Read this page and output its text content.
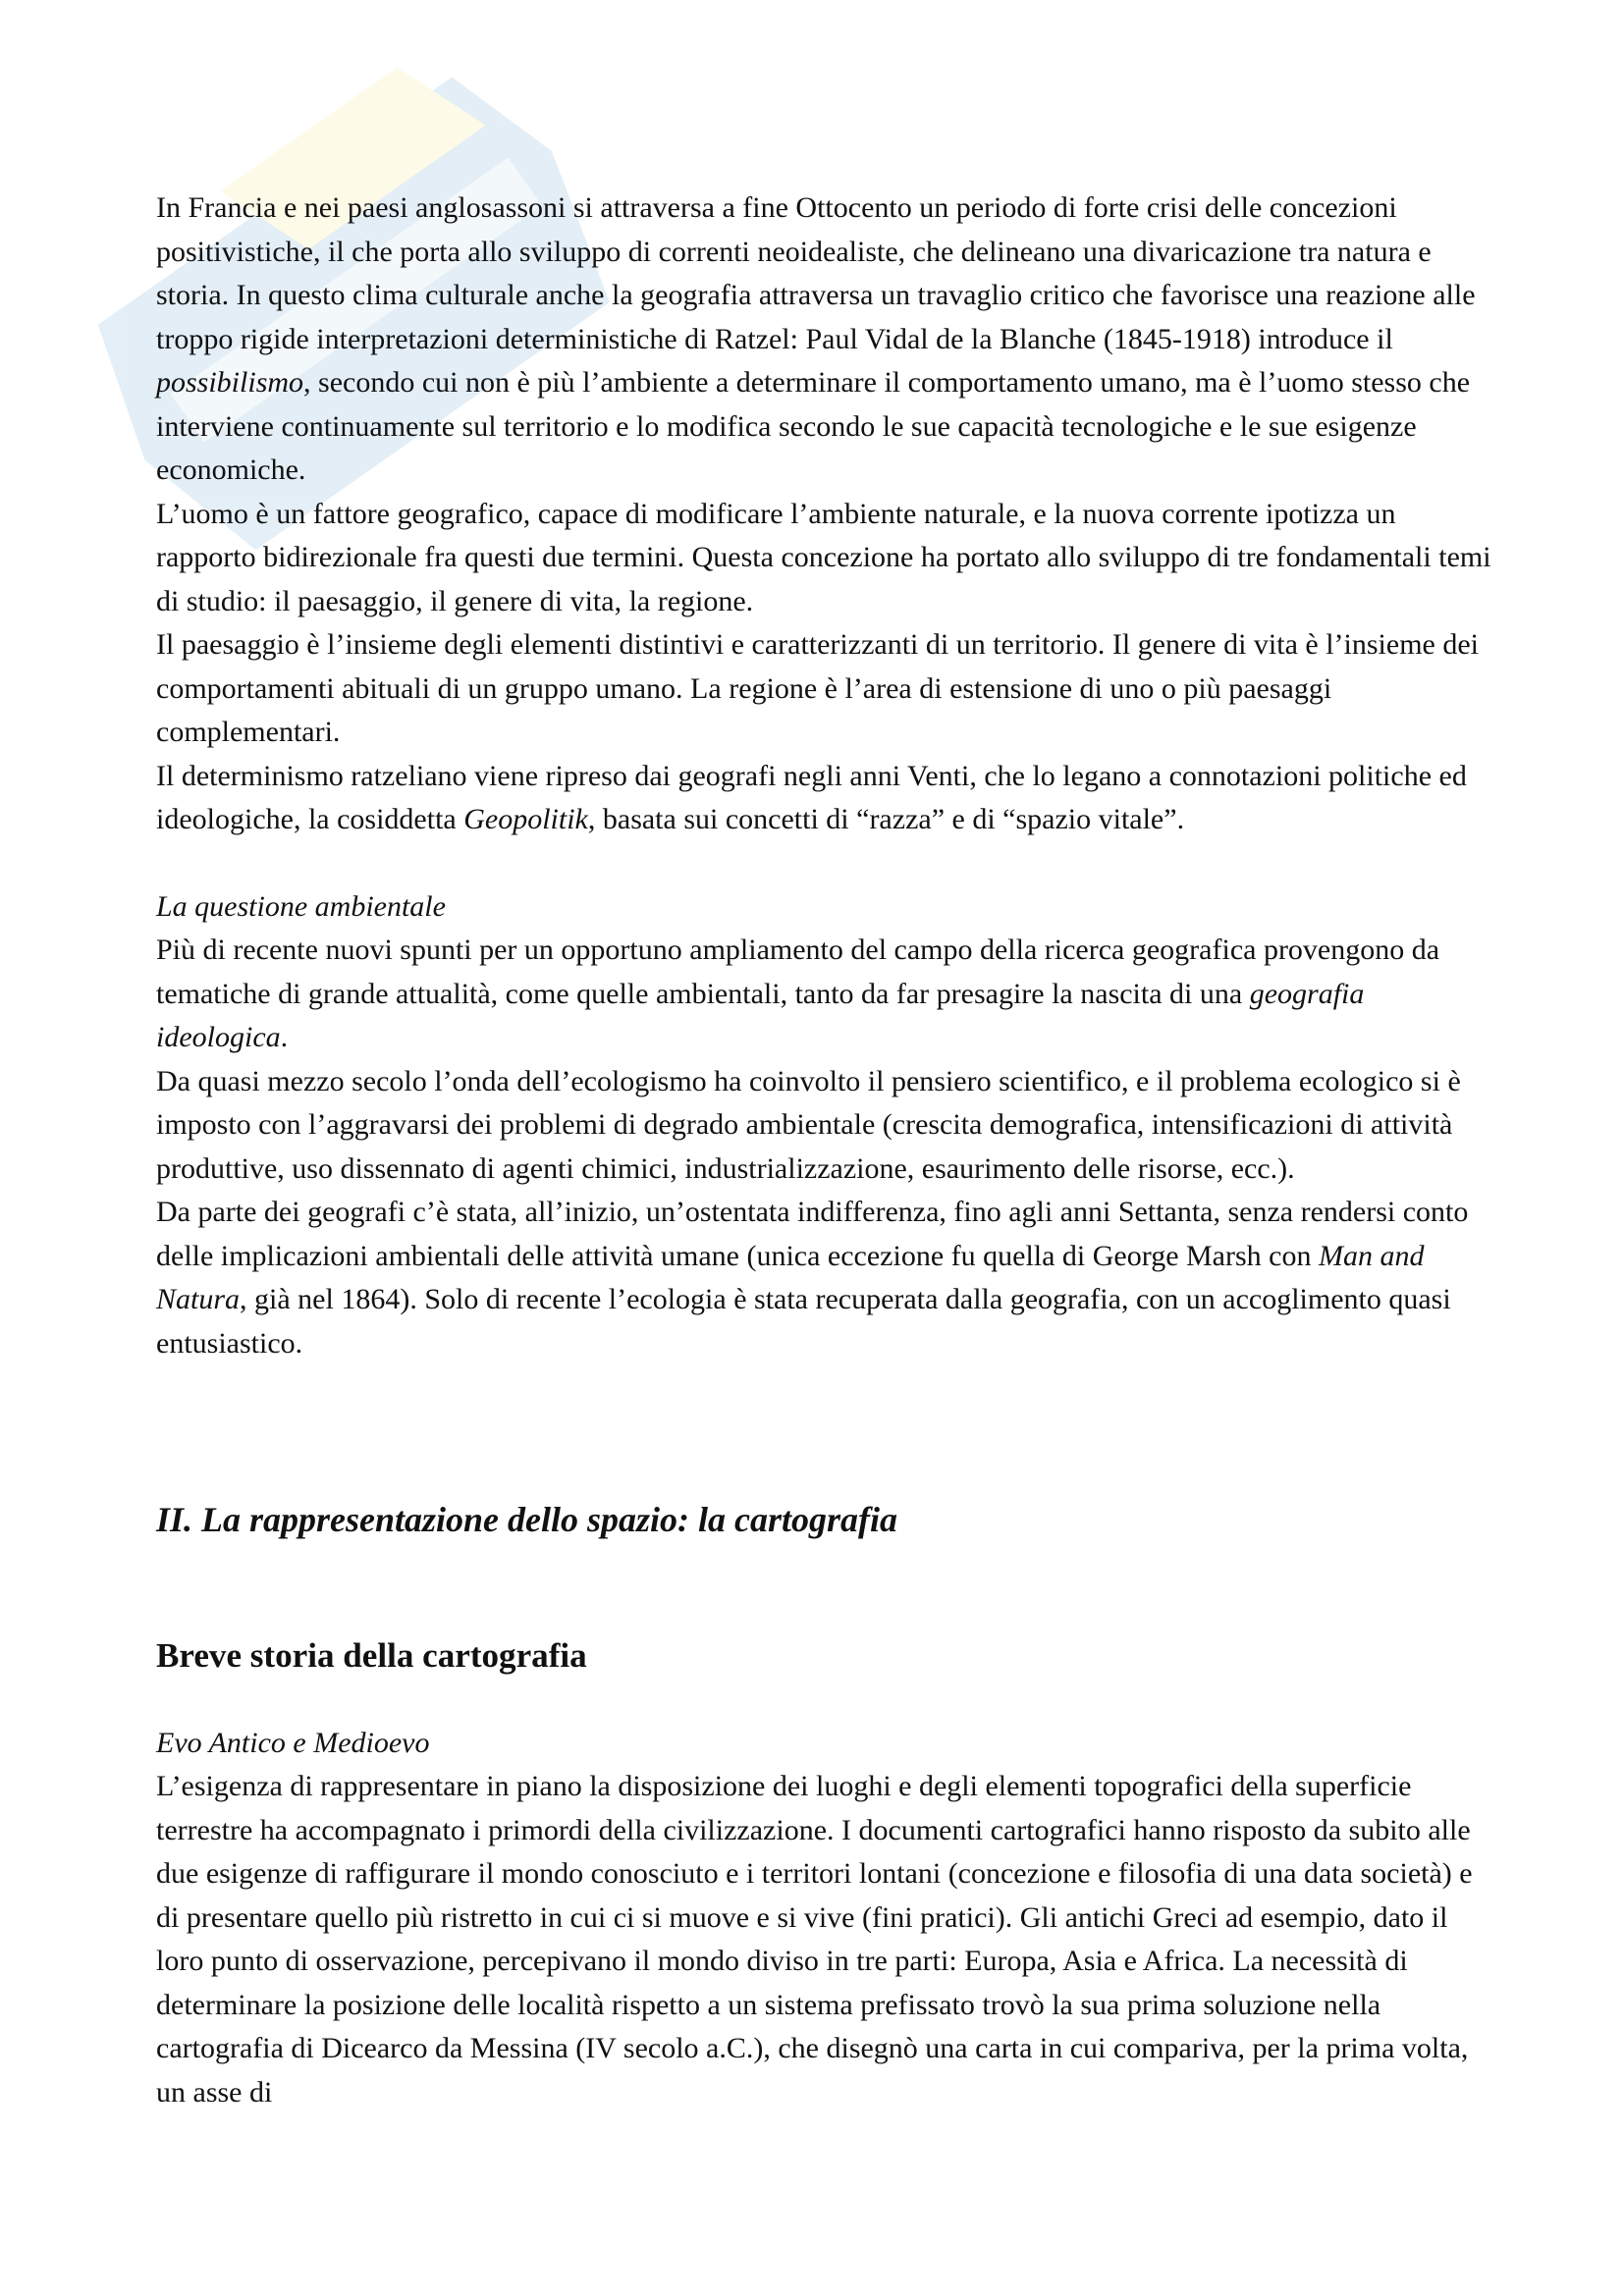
In Francia e nei paesi anglosassoni si attraversa a fine Ottocento un periodo di forte crisi delle concezioni positivistiche, il che porta allo sviluppo di correnti neoidealiste, che delineano una divaricazione tra natura e storia. In questo clima culturale anche la geografia attraversa un travaglio critico che favorisce una reazione alle troppo rigide interpretazioni deterministiche di Ratzel: Paul Vidal de la Blanche (1845-1918) introduce il possibilismo, secondo cui non è più l’ambiente a determinare il comportamento umano, ma è l’uomo stesso che interviene continuamente sul territorio e lo modifica secondo le sue capacità tecnologiche e le sue esigenze economiche.

L’uomo è un fattore geografico, capace di modificare l’ambiente naturale, e la nuova corrente ipotizza un rapporto bidirezionale fra questi due termini. Questa concezione ha portato allo sviluppo di tre fondamentali temi di studio: il paesaggio, il genere di vita, la regione.

Il paesaggio è l’insieme degli elementi distintivi e caratterizzanti di un territorio. Il genere di vita è l’insieme dei comportamenti abituali di un gruppo umano. La regione è l’area di estensione di uno o più paesaggi complementari.

Il determinismo ratzeliano viene ripreso dai geografi negli anni Venti, che lo legano a connotazioni politiche ed ideologiche, la cosiddetta Geopolitik, basata sui concetti di “razza” e di “spazio vitale”.

La questione ambientale

Più di recente nuovi spunti per un opportuno ampliamento del campo della ricerca geografica provengono da tematiche di grande attualità, come quelle ambientali, tanto da far presagire la nascita di una geografia ideologica.

Da quasi mezzo secolo l’onda dell’ecologismo ha coinvolto il pensiero scientifico, e il problema ecologico si è imposto con l’aggravarsi dei problemi di degrado ambientale (crescita demografica, intensificazioni di attività produttive, uso dissennato di agenti chimici, industrializzazione, esaurimento delle risorse, ecc.).

Da parte dei geografi c’è stata, all’inizio, un’ostentata indifferenza, fino agli anni Settanta, senza rendersi conto delle implicazioni ambientali delle attività umane (unica eccezione fu quella di George Marsh con Man and Natura, già nel 1864). Solo di recente l’ecologia è stata recuperata dalla geografia, con un accoglimento quasi entusiastico.

II. La rappresentazione dello spazio: la cartografia
Breve storia della cartografia

Evo Antico e Medioevo

L’esigenza di rappresentare in piano la disposizione dei luoghi e degli elementi topografici della superficie terrestre ha accompagnato i primordi della civilizzazione. I documenti cartografici hanno risposto da subito alle due esigenze di raffigurare il mondo conosciuto e i territori lontani (concezione e filosofia di una data società) e di presentare quello più ristretto in cui ci si muove e si vive (fini pratici). Gli antichi Greci ad esempio, dato il loro punto di osservazione, percepivano il mondo diviso in tre parti: Europa, Asia e Africa. La necessità di determinare la posizione delle località rispetto a un sistema prefissato trovò la sua prima soluzione nella cartografia di Dicearco da Messina (IV secolo a.C.), che disegnò una carta in cui compariva, per la prima volta, un asse di
